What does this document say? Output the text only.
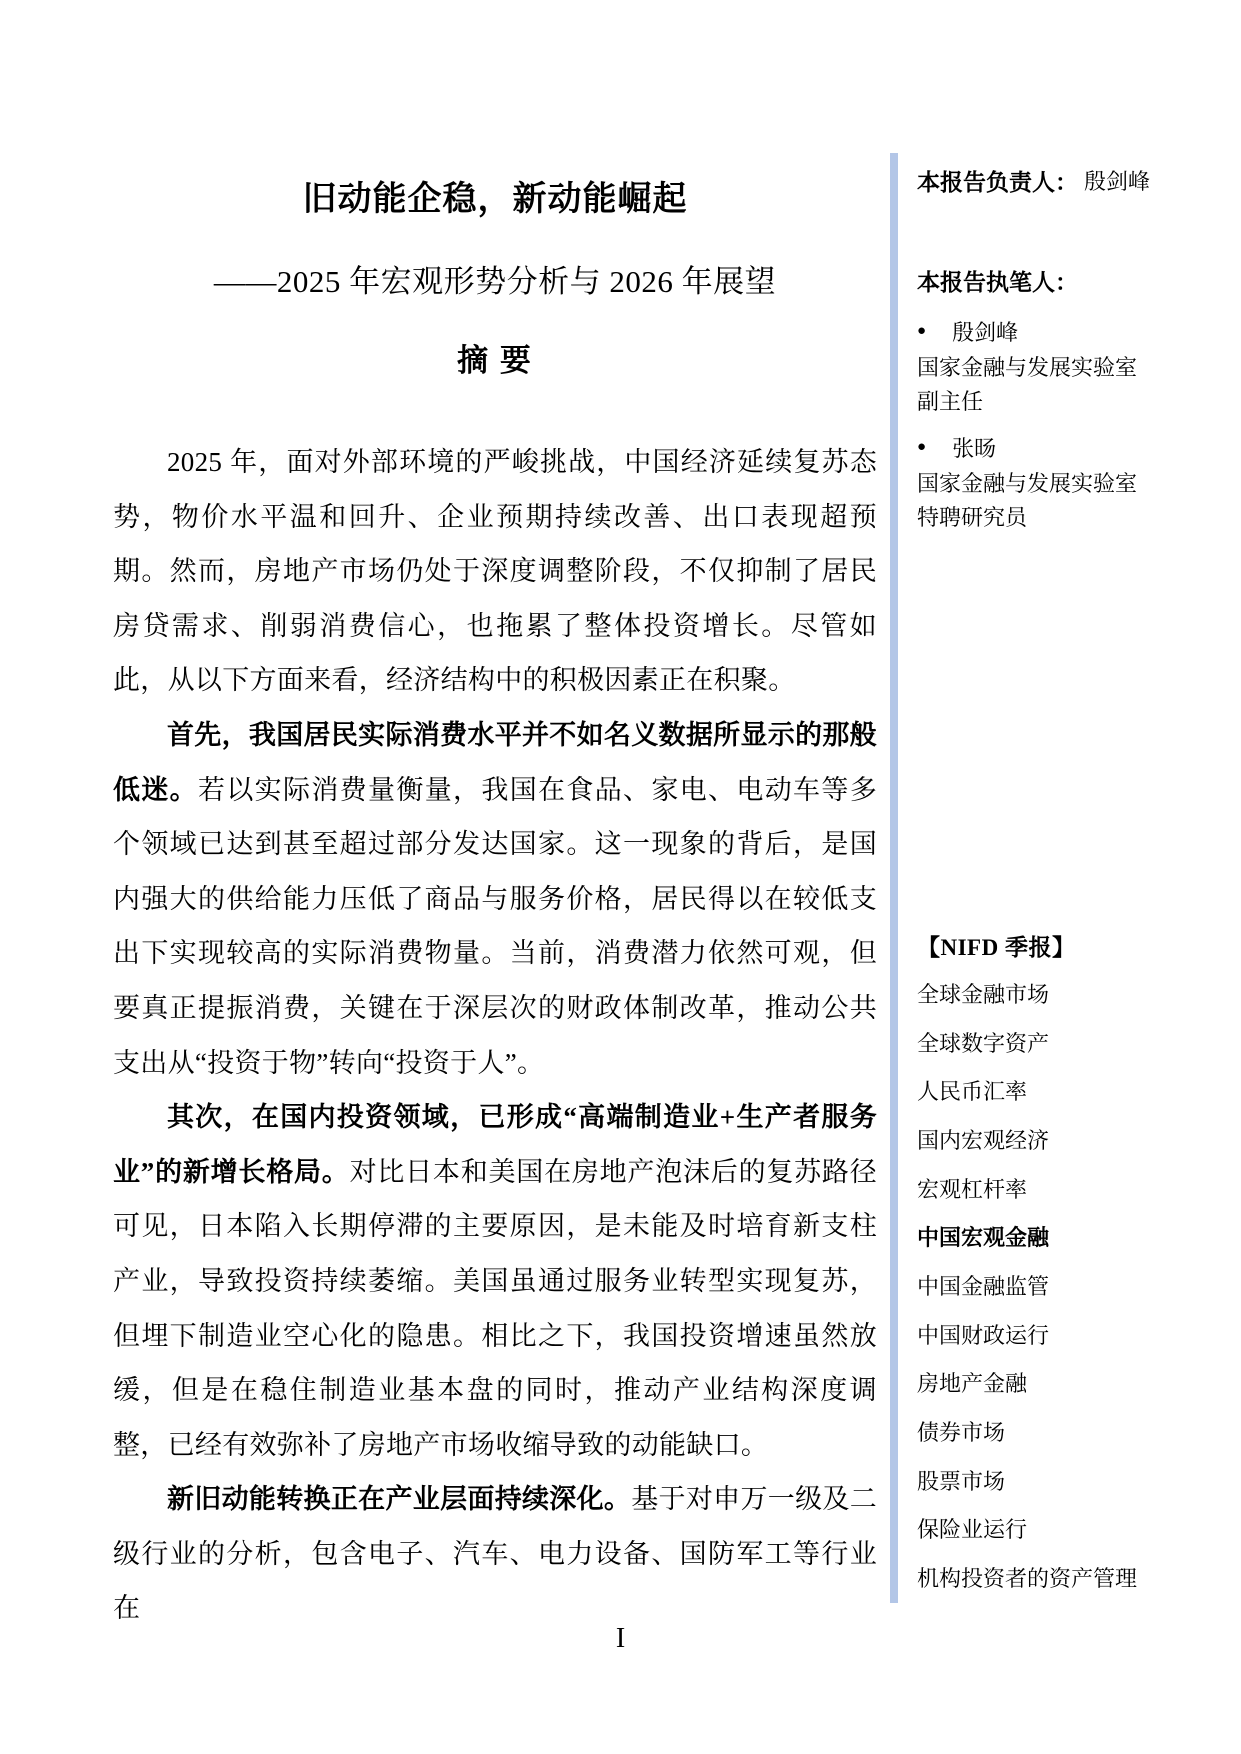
旧动能企稳，新动能崛起
——2025 年宏观形势分析与 2026 年展望
摘 要

2025 年，面对外部环境的严峻挑战，中国经济延续复苏态势，物价水平温和回升、企业预期持续改善、出口表现超预期。然而，房地产市场仍处于深度调整阶段，不仅抑制了居民房贷需求、削弱消费信心，也拖累了整体投资增长。尽管如此，从以下方面来看，经济结构中的积极因素正在积聚。

首先，我国居民实际消费水平并不如名义数据所显示的那般低迷。若以实际消费量衡量，我国在食品、家电、电动车等多个领域已达到甚至超过部分发达国家。这一现象的背后，是国内强大的供给能力压低了商品与服务价格，居民得以在较低支出下实现较高的实际消费物量。当前，消费潜力依然可观，但要真正提振消费，关键在于深层次的财政体制改革，推动公共支出从“投资于物”转向“投资于人”。

其次，在国内投资领域，已形成“高端制造业+生产者服务业”的新增长格局。对比日本和美国在房地产泡沫后的复苏路径可见，日本陷入长期停滞的主要原因，是未能及时培育新支柱产业，导致投资持续萎缩。美国虽通过服务业转型实现复苏，但埋下制造业空心化的隐患。相比之下，我国投资增速虽然放缓，但是在稳住制造业基本盘的同时，推动产业结构深度调整，已经有效弥补了房地产市场收缩导致的动能缺口。

新旧动能转换正在产业层面持续深化。基于对申万一级及二级行业的分析，包含电子、汽车、电力设备、国防军工等行业在

本报告负责人： 殷剑峰
本报告执笔人：
● 殷剑峰
国家金融与发展实验室
副主任
● 张旸
国家金融与发展实验室
特聘研究员
【NIFD 季报】
全球金融市场
全球数字资产
人民币汇率
国内宏观经济
宏观杠杆率
中国宏观金融
中国金融监管
中国财政运行
房地产金融
债券市场
股票市场
保险业运行
机构投资者的资产管理
I
